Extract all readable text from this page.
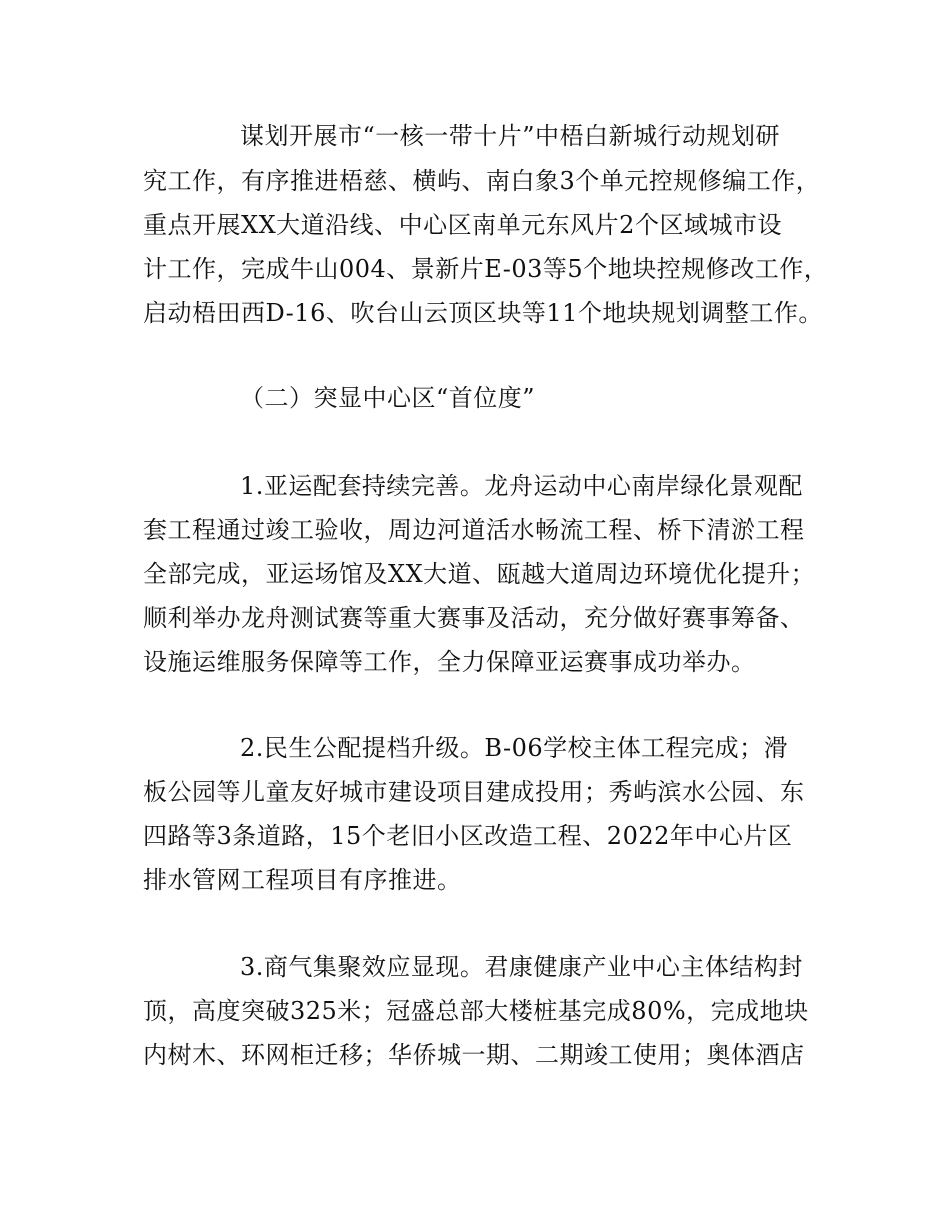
谋划开展市“一核一带十片”中梧白新城行动规划研
究工作，有序推进梧慈、横屿、南白象3个单元控规修编工作，
重点开展XX大道沿线、中心区南单元东风片2个区域城市设
计工作，完成牛山004、景新片E-03等5个地块控规修改工作，
启动梧田西D-16、吹台山云顶区块等11个地块规划调整工作。
（二）突显中心区“首位度”
1.亚运配套持续完善。龙舟运动中心南岸绿化景观配
套工程通过竣工验收，周边河道活水畅流工程、桥下清淤工程
全部完成，亚运场馆及XX大道、瓯越大道周边环境优化提升；
顺利举办龙舟测试赛等重大赛事及活动，充分做好赛事筹备、
设施运维服务保障等工作，全力保障亚运赛事成功举办。
2.民生公配提档升级。B-06学校主体工程完成；滑
板公园等儿童友好城市建设项目建成投用；秀屿滨水公园、东
四路等3条道路，15个老旧小区改造工程、2022年中心片区
排水管网工程项目有序推进。
3.商气集聚效应显现。君康健康产业中心主体结构封
顶，高度突破325米；冠盛总部大楼桩基完成80%，完成地块
内树木、环网柜迁移；华侨城一期、二期竣工使用；奥体酒店
